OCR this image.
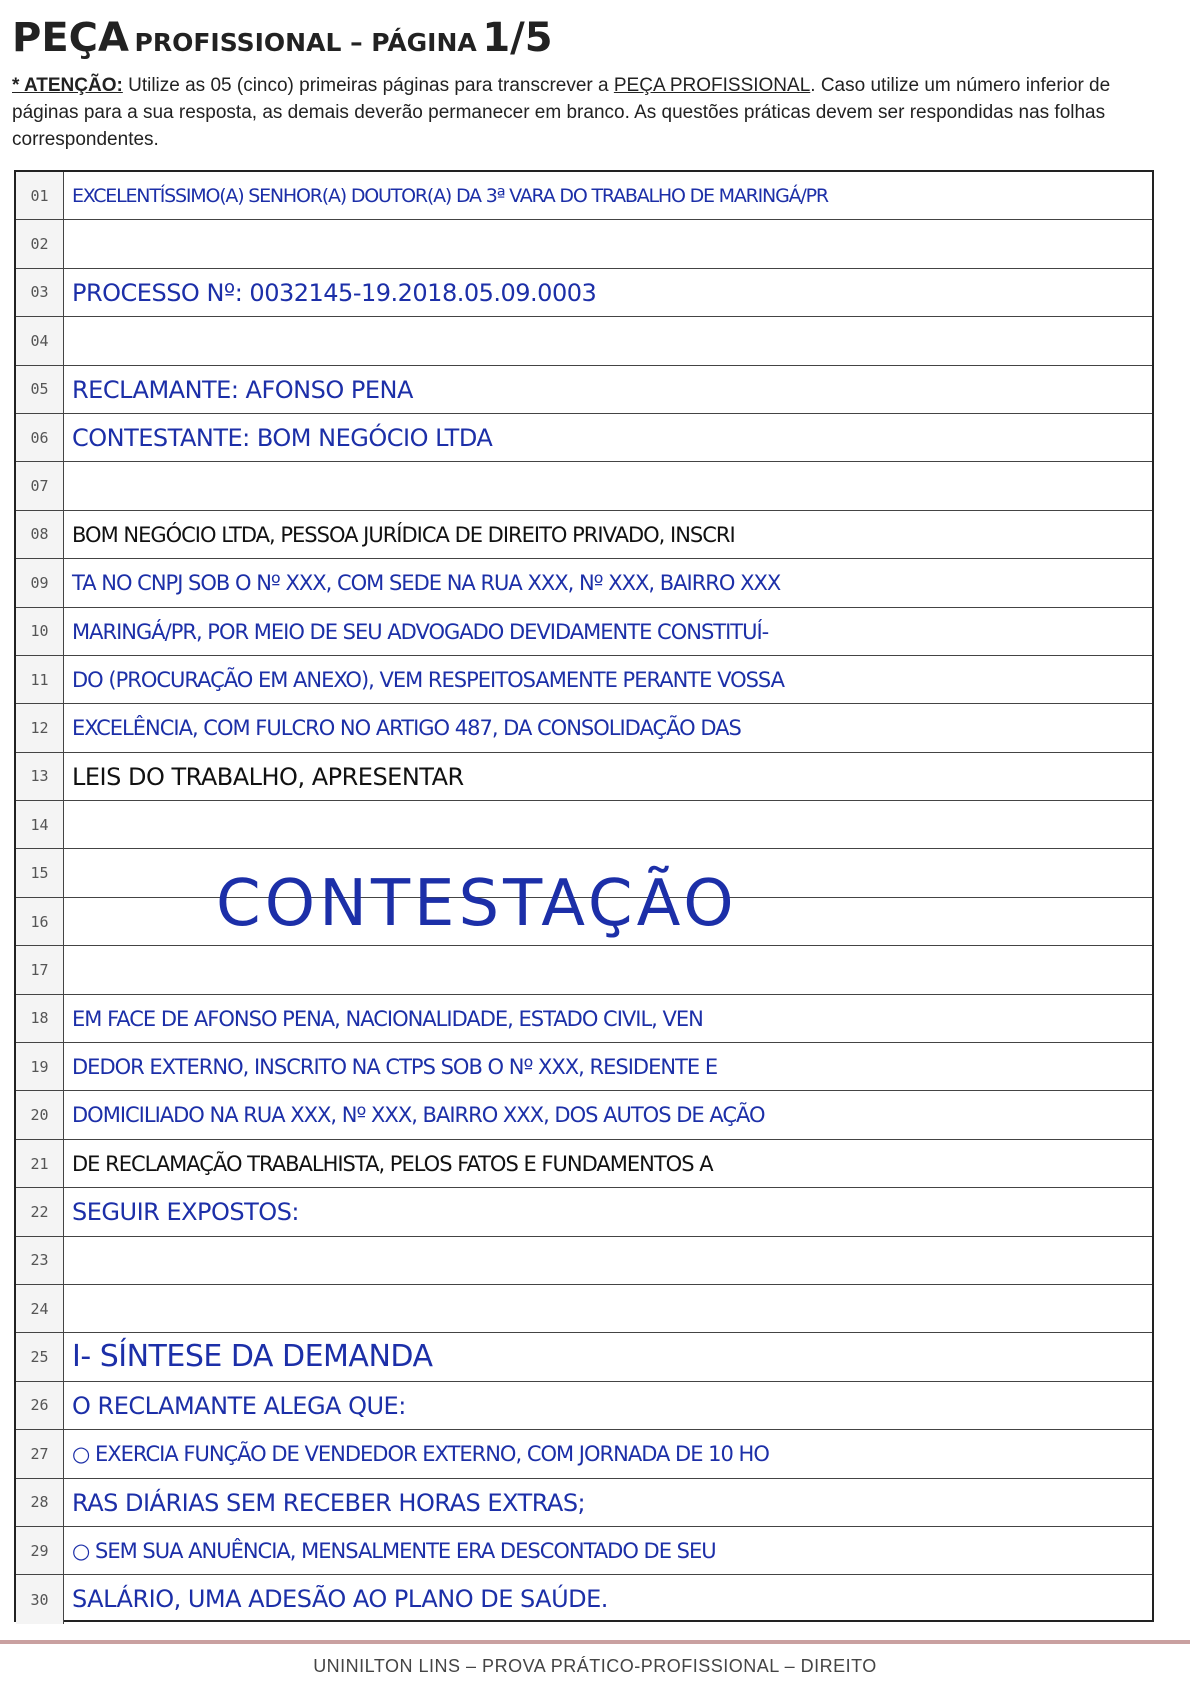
PEÇA PROFISSIONAL – PÁGINA 1/5
* ATENÇÃO: Utilize as 05 (cinco) primeiras páginas para transcrever a PEÇA PROFISSIONAL. Caso utilize um número inferior de páginas para a sua resposta, as demais deverão permanecer em branco. As questões práticas devem ser respondidas nas folhas correspondentes.
01	EXCELENTÍSSIMO(A) SENHOR(A) DOUTOR(A) DA 3ª VARA DO TRABALHO DE MARINGÁ/PR
02
03 PROCESSO Nº: 0032145-19.2018.05.09.0003
04
05 RECLAMANTE: AFONSO PENA
06 CONTESTANTE: BOM NEGÓCIO LTDA
07
08	BOM NEGÓCIO LTDA, PESSOA JURÍDICA DE DIREITO PRIVADO, INSCRI
09	TA NO CNPJ SOB O Nº XXX, COM SEDE NA RUA XXX, Nº XXX, BAIRRO XXX
10	MARINGÁ/PR, POR MEIO DE SEU ADVOGADO DEVIDAMENTE CONSTITUÍ-
11	DO (PROCURAÇÃO EM ANEXO), VEM RESPEITOSAMENTE PERANTE VOSSA
12	EXCELÊNCIA, COM FULCRO NO ARTIGO 487, DA CONSOLIDAÇÃO DAS
13 LEIS DO TRABALHO, APRESENTAR
14
15	CONTESTAÇÃO
16
17
18	EM FACE DE AFONSO PENA, NACIONALIDADE, ESTADO CIVIL, VEN
19	DEDOR EXTERNO, INSCRITO NA CTPS SOB O Nº XXX, RESIDENTE E
20	DOMICILIADO NA RUA XXX, Nº XXX, BAIRRO XXX, DOS AUTOS DE AÇÃO
21	DE RECLAMAÇÃO TRABALHISTA, PELOS FATOS E FUNDAMENTOS A
22 SEGUIR EXPOSTOS:
23
24
25 I- SÍNTESE DA DEMANDA
26 O RECLAMANTE ALEGA QUE:
27	○ EXERCIA FUNÇÃO DE VENDEDOR EXTERNO, COM JORNADA DE 10 HO
28 RAS DIÁRIAS SEM RECEBER HORAS EXTRAS;
29	○ SEM SUA ANUÊNCIA, MENSALMENTE ERA DESCONTADO DE SEU
30 SALÁRIO, UMA ADESÃO AO PLANO DE SAÚDE.
UNINILTON LINS – PROVA PRÁTICO-PROFISSIONAL – DIREITO
